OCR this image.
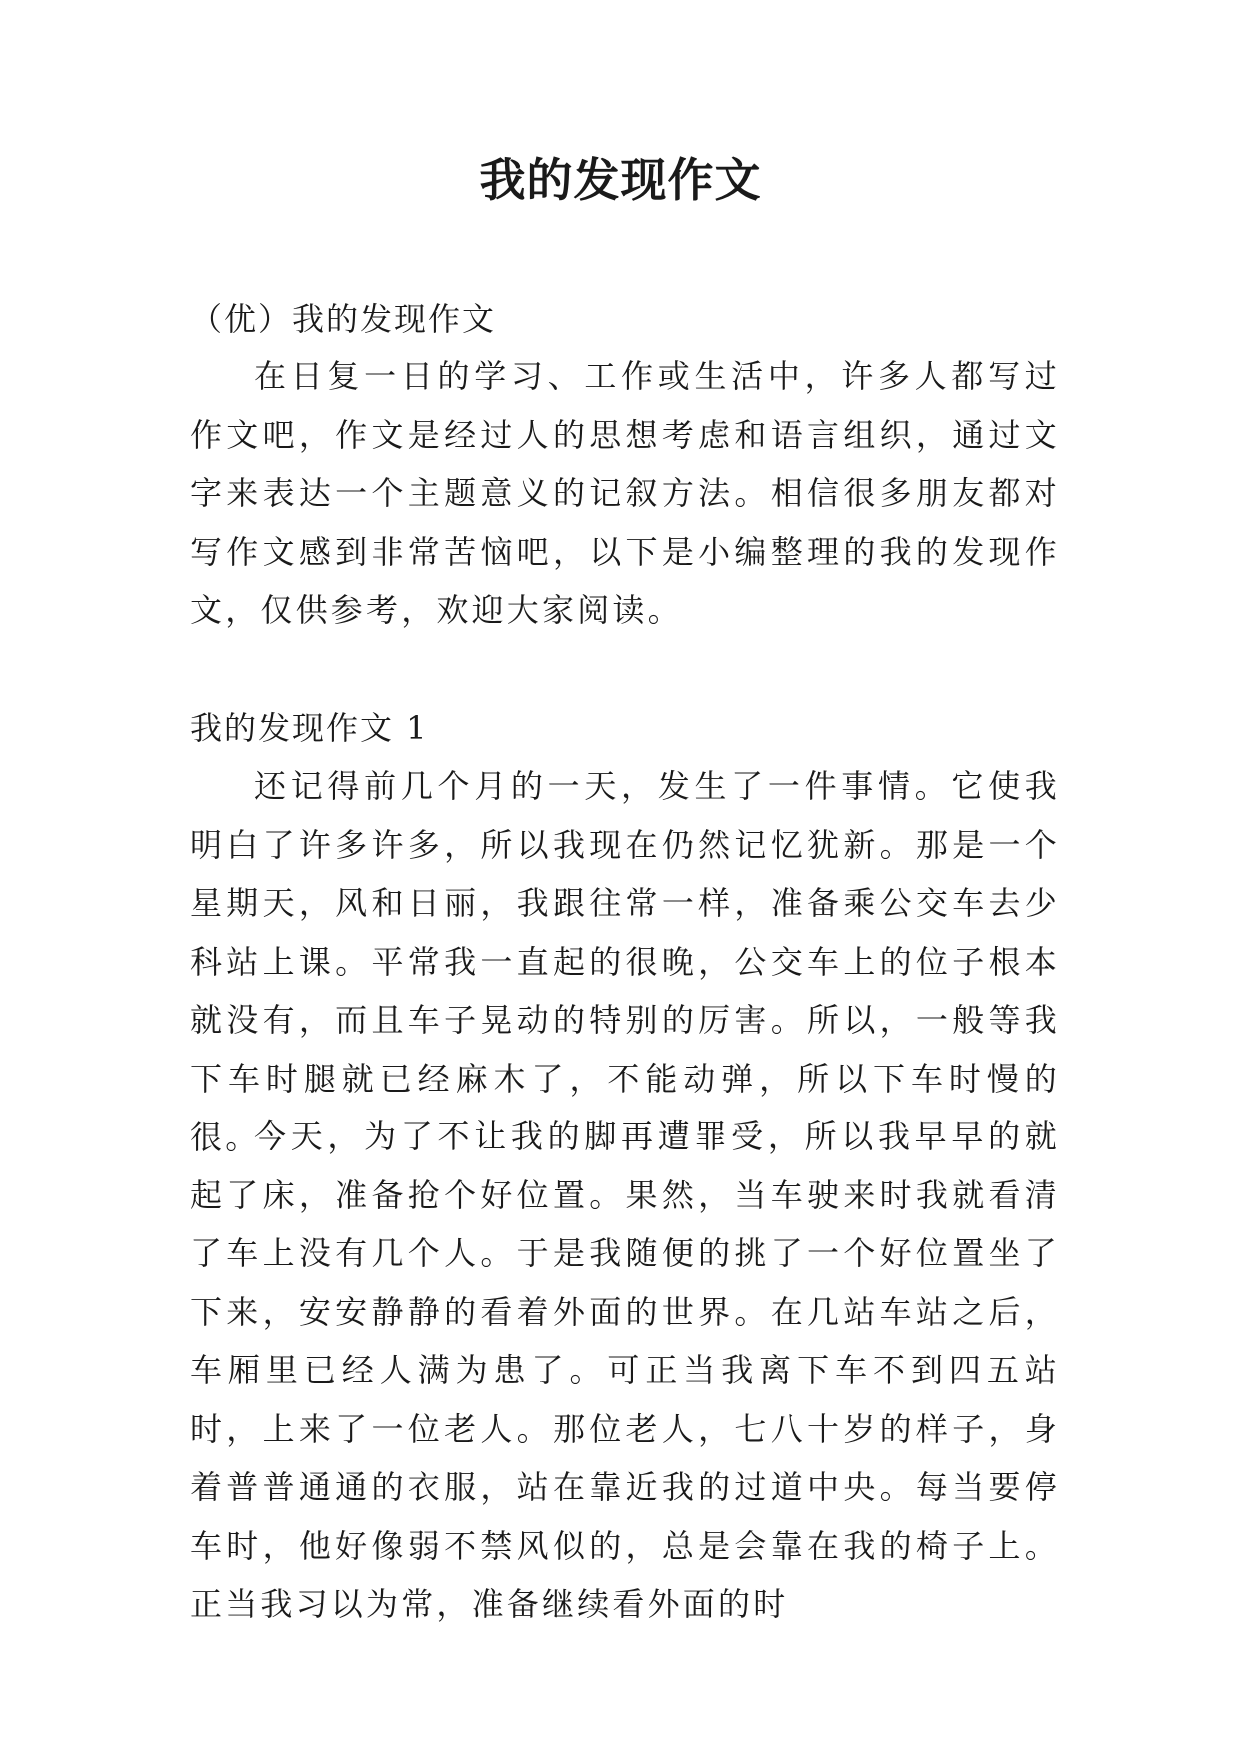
我的发现作文

（优）我的发现作文

在日复一日的学习、工作或生活中，许多人都写过作文吧，作文是经过人的思想考虑和语言组织，通过文字来表达一个主题意义的记叙方法。相信很多朋友都对写作文感到非常苦恼吧，以下是小编整理的我的发现作文，仅供参考，欢迎大家阅读。

我的发现作文 1

还记得前几个月的一天，发生了一件事情。它使我明白了许多许多，所以我现在仍然记忆犹新。那是一个星期天，风和日丽，我跟往常一样，准备乘公交车去少科站上课。平常我一直起的很晚，公交车上的位子根本就没有，而且车子晃动的特别的厉害。所以，一般等我下车时腿就已经麻木了，不能动弹，所以下车时慢的很。

今天，为了不让我的脚再遭罪受，所以我早早的就起了床，准备抢个好位置。果然，当车驶来时我就看清了车上没有几个人。于是我随便的挑了一个好位置坐了下来，安安静静的看着外面的世界。在几站车站之后，车厢里已经人满为患了。可正当我离下车不到四五站时，上来了一位老人。那位老人，七八十岁的样子，身着普普通通的衣服，站在靠近我的过道中央。每当要停车时，他好像弱不禁风似的，总是会靠在我的椅子上。正当我习以为常，准备继续看外面的时
